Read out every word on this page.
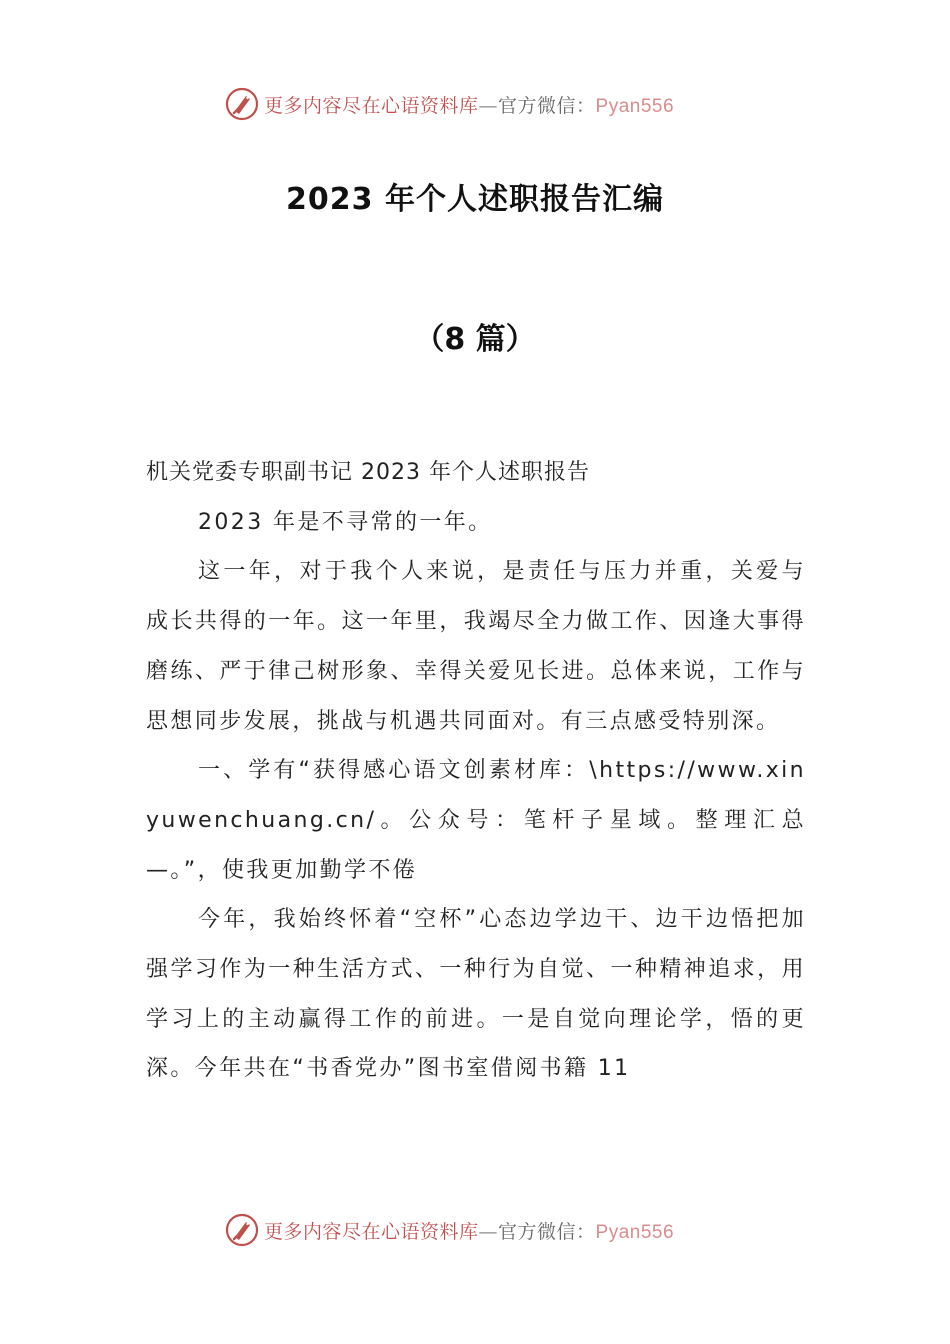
更多内容尽在心语资料库—官方微信：Pyan556
2023 年个人述职报告汇编
（8 篇）

机关党委专职副书记 2023 年个人述职报告

2023 年是不寻常的一年。

这一年，对于我个人来说，是责任与压力并重，关爱与成长共得的一年。这一年里，我竭尽全力做工作、因逢大事得磨练、严于律己树形象、幸得关爱见长进。总体来说，工作与思想同步发展，挑战与机遇共同面对。有三点感受特别深。

一、学有“获得感心语文创素材库：\https://www.xinyuwenchuang.cn/。公众号：笔杆子星域。整理汇总—。”，使我更加勤学不倦

今年，我始终怀着“空杯”心态边学边干、边干边悟把加强学习作为一种生活方式、一种行为自觉、一种精神追求，用学习上的主动赢得工作的前进。一是自觉向理论学，悟的更深。今年共在“书香党办”图书室借阅书籍 11

更多内容尽在心语资料库—官方微信：Pyan556
